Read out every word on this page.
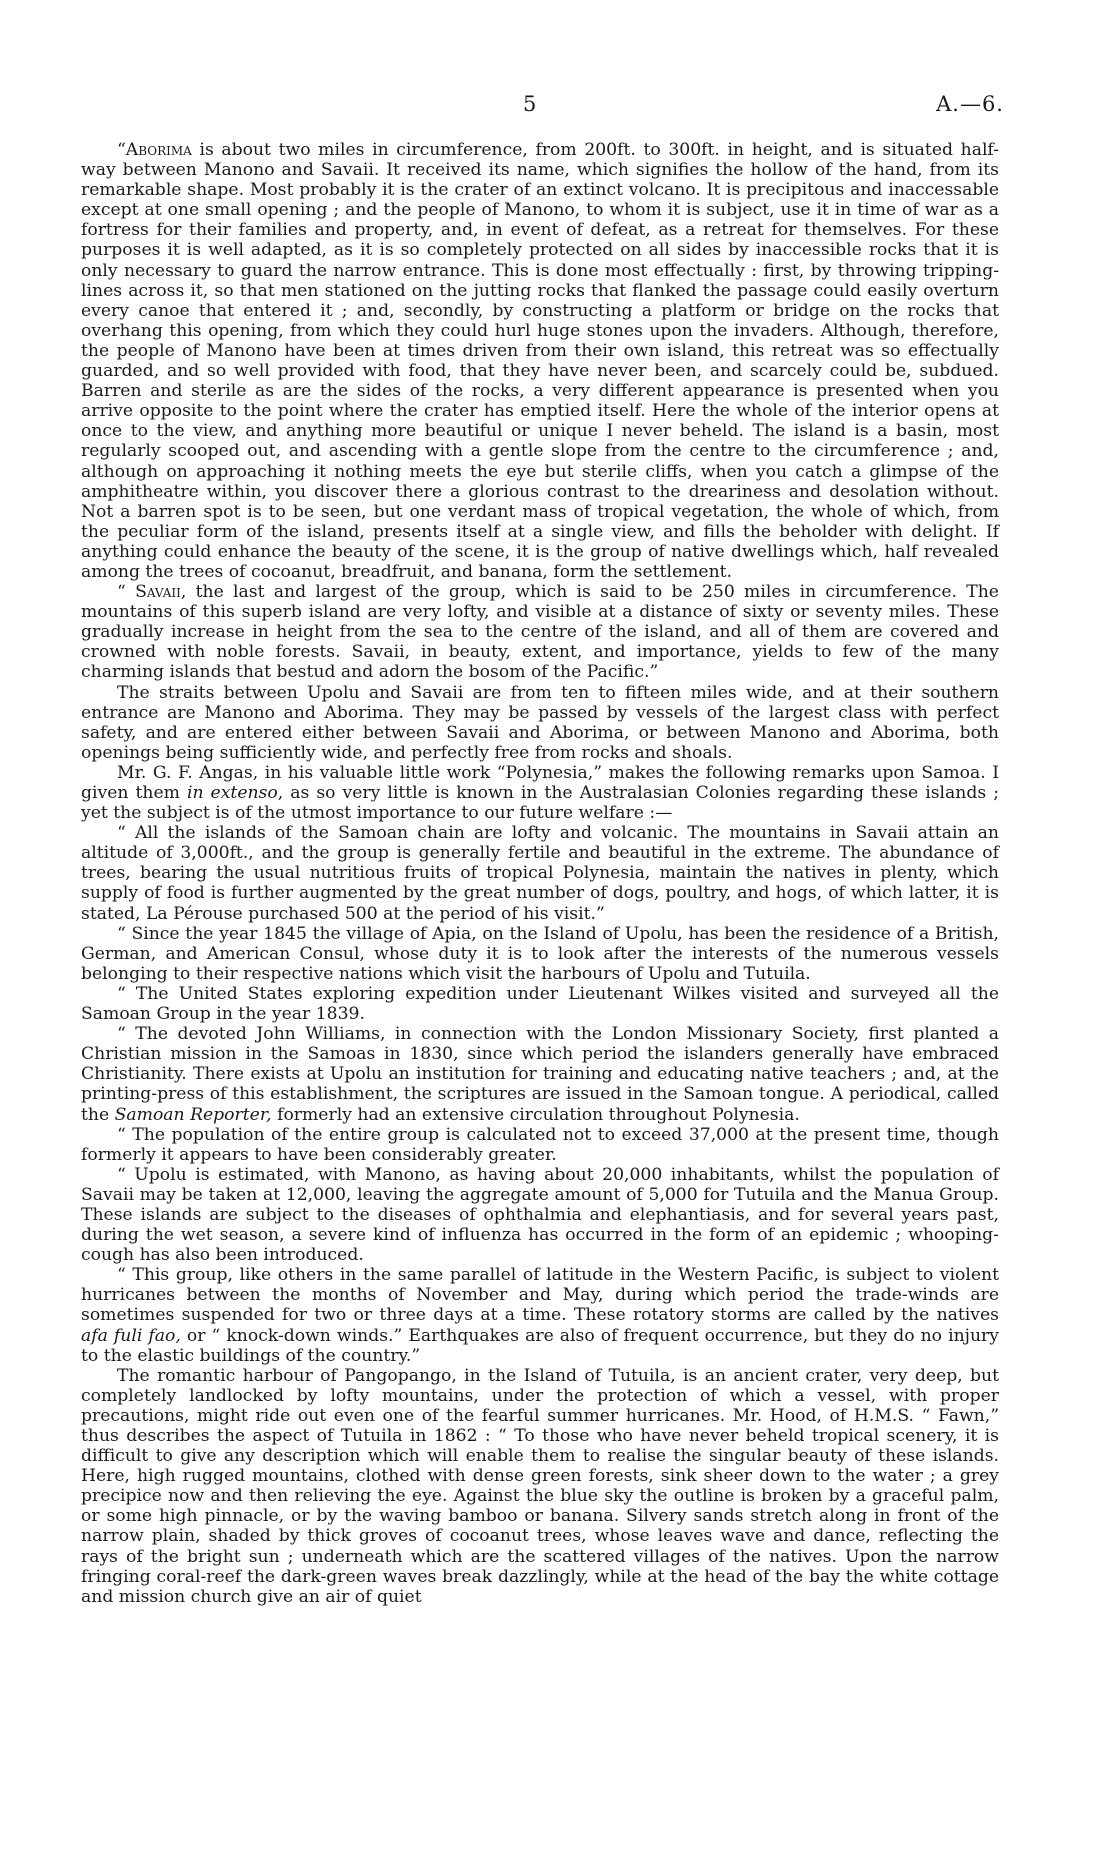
5	A.—6.

“Aborima is about two miles in circumference, from 200ft. to 300ft. in height, and is situated half-way between Manono and Savaii. It received its name, which signifies the hollow of the hand, from its remarkable shape. Most probably it is the crater of an extinct volcano. It is precipitous and inaccessable except at one small opening ; and the people of Manono, to whom it is subject, use it in time of war as a fortress for their families and property, and, in event of defeat, as a retreat for themselves. For these purposes it is well adapted, as it is so completely protected on all sides by inaccessible rocks that it is only necessary to guard the narrow entrance. This is done most effectually : first, by throwing tripping-lines across it, so that men stationed on the jutting rocks that flanked the passage could easily overturn every canoe that entered it ; and, secondly, by constructing a platform or bridge on the rocks that overhang this opening, from which they could hurl huge stones upon the invaders. Although, therefore, the people of Manono have been at times driven from their own island, this retreat was so effectually guarded, and so well provided with food, that they have never been, and scarcely could be, subdued. Barren and sterile as are the sides of the rocks, a very different appearance is presented when you arrive opposite to the point where the crater has emptied itself. Here the whole of the interior opens at once to the view, and anything more beautiful or unique I never beheld. The island is a basin, most regularly scooped out, and ascending with a gentle slope from the centre to the circumference ; and, although on approaching it nothing meets the eye but sterile cliffs, when you catch a glimpse of the amphitheatre within, you discover there a glorious contrast to the dreariness and desolation without. Not a barren spot is to be seen, but one verdant mass of tropical vegetation, the whole of which, from the peculiar form of the island, presents itself at a single view, and fills the beholder with delight. If anything could enhance the beauty of the scene, it is the group of native dwellings which, half revealed among the trees of cocoanut, breadfruit, and banana, form the settlement.

“ Savaii, the last and largest of the group, which is said to be 250 miles in circumference. The mountains of this superb island are very lofty, and visible at a distance of sixty or seventy miles. These gradually increase in height from the sea to the centre of the island, and all of them are covered and crowned with noble forests. Savaii, in beauty, extent, and importance, yields to few of the many charming islands that bestud and adorn the bosom of the Pacific.”

The straits between Upolu and Savaii are from ten to fifteen miles wide, and at their southern entrance are Manono and Aborima. They may be passed by vessels of the largest class with perfect safety, and are entered either between Savaii and Aborima, or between Manono and Aborima, both openings being sufficiently wide, and perfectly free from rocks and shoals.

Mr. G. F. Angas, in his valuable little work “Polynesia,” makes the following remarks upon Samoa. I given them in extenso, as so very little is known in the Australasian Colonies regarding these islands ; yet the subject is of the utmost importance to our future welfare :—

“ All the islands of the Samoan chain are lofty and volcanic. The mountains in Savaii attain an altitude of 3,000ft., and the group is generally fertile and beautiful in the extreme. The abundance of trees, bearing the usual nutritious fruits of tropical Polynesia, maintain the natives in plenty, which supply of food is further augmented by the great number of dogs, poultry, and hogs, of which latter, it is stated, La Pérouse purchased 500 at the period of his visit.”

“ Since the year 1845 the village of Apia, on the Island of Upolu, has been the residence of a British, German, and American Consul, whose duty it is to look after the interests of the numerous vessels belonging to their respective nations which visit the harbours of Upolu and Tutuila.

“ The United States exploring expedition under Lieutenant Wilkes visited and surveyed all the Samoan Group in the year 1839.

“ The devoted John Williams, in connection with the London Missionary Society, first planted a Christian mission in the Samoas in 1830, since which period the islanders generally have embraced Christianity. There exists at Upolu an institution for training and educating native teachers ; and, at the printing-press of this establishment, the scriptures are issued in the Samoan tongue. A periodical, called the Samoan Reporter, formerly had an extensive circulation throughout Polynesia.

“ The population of the entire group is calculated not to exceed 37,000 at the present time, though formerly it appears to have been considerably greater.

“ Upolu is estimated, with Manono, as having about 20,000 inhabitants, whilst the population of Savaii may be taken at 12,000, leaving the aggregate amount of 5,000 for Tutuila and the Manua Group. These islands are subject to the diseases of ophthalmia and elephantiasis, and for several years past, during the wet season, a severe kind of influenza has occurred in the form of an epidemic ; whooping-cough has also been introduced.

“ This group, like others in the same parallel of latitude in the Western Pacific, is subject to violent hurricanes between the months of November and May, during which period the trade-winds are sometimes suspended for two or three days at a time. These rotatory storms are called by the natives afa fuli fao, or “ knock-down winds.” Earthquakes are also of frequent occurrence, but they do no injury to the elastic buildings of the country.”

The romantic harbour of Pangopango, in the Island of Tutuila, is an ancient crater, very deep, but completely landlocked by lofty mountains, under the protection of which a vessel, with proper precautions, might ride out even one of the fearful summer hurricanes. Mr. Hood, of H.M.S. “ Fawn,” thus describes the aspect of Tutuila in 1862 : “ To those who have never beheld tropical scenery, it is difficult to give any description which will enable them to realise the singular beauty of these islands. Here, high rugged mountains, clothed with dense green forests, sink sheer down to the water ; a grey precipice now and then relieving the eye. Against the blue sky the outline is broken by a graceful palm, or some high pinnacle, or by the waving bamboo or banana. Silvery sands stretch along in front of the narrow plain, shaded by thick groves of cocoanut trees, whose leaves wave and dance, reflecting the rays of the bright sun ; underneath which are the scattered villages of the natives. Upon the narrow fringing coral-reef the dark-green waves break dazzlingly, while at the head of the bay the white cottage and mission church give an air of quiet
